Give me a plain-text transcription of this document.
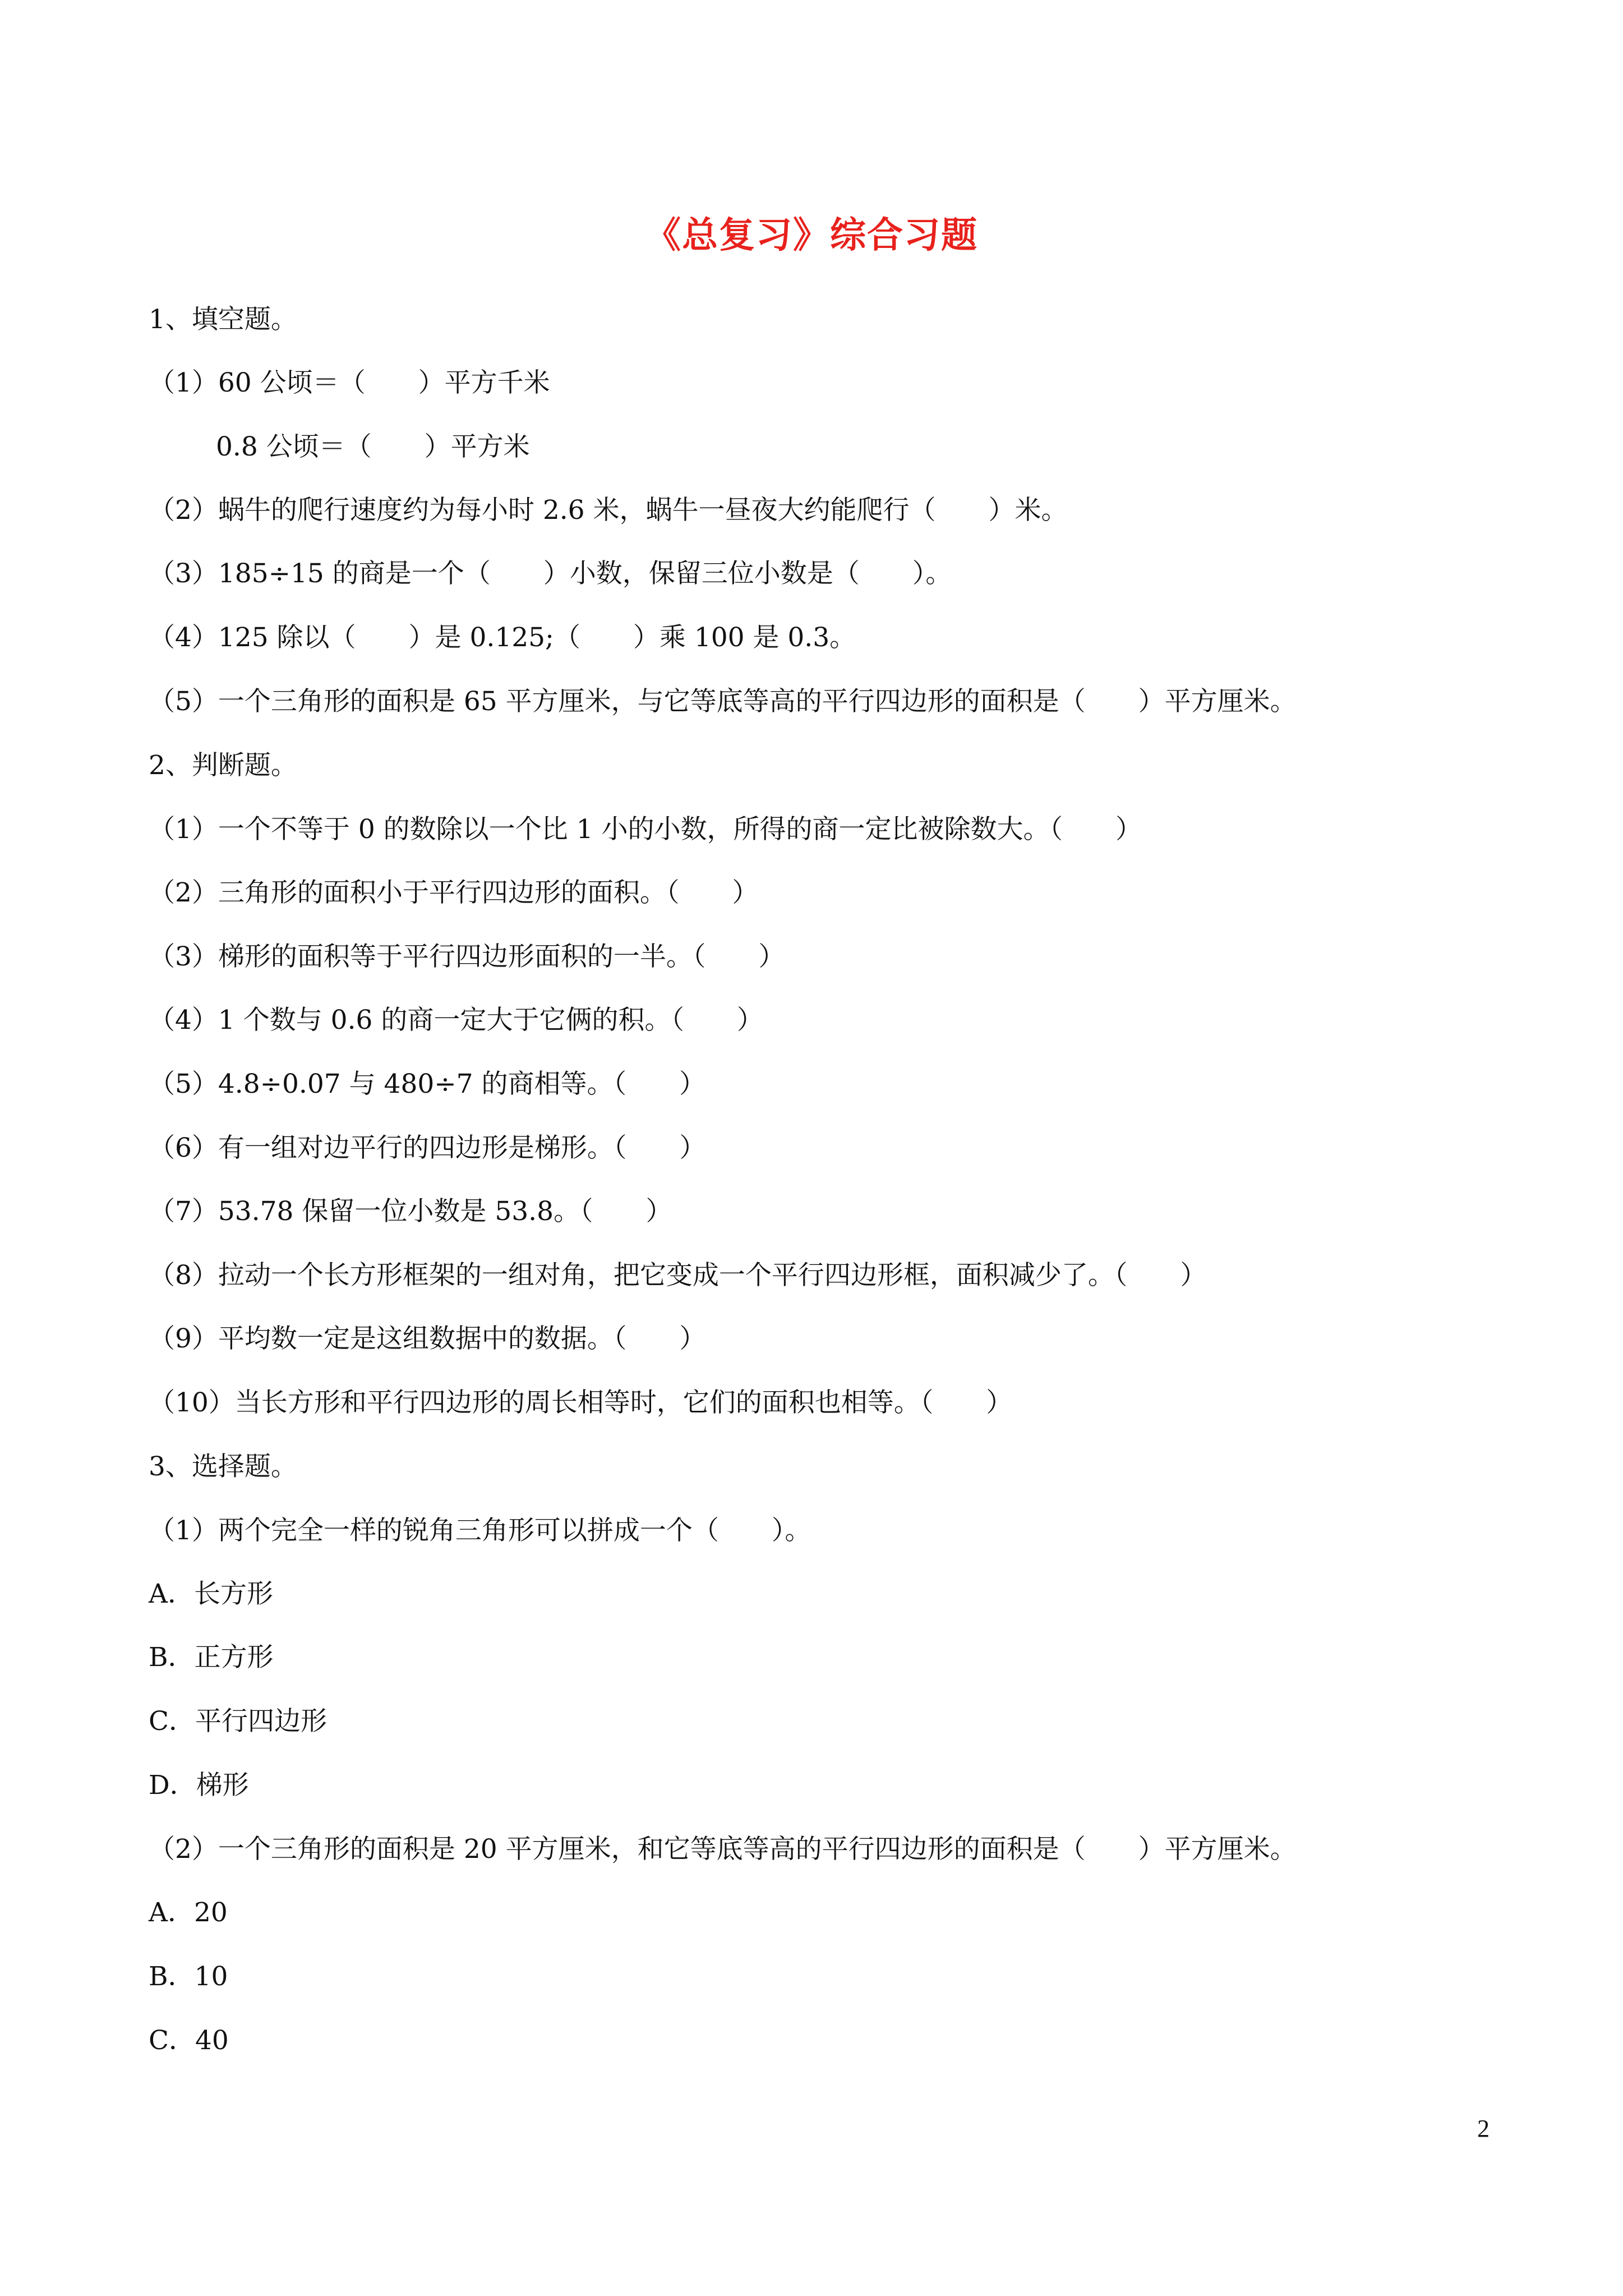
《总复习》综合习题
1、填空题。
（1）60 公顷＝（　　）平方千米
0.8 公顷＝（　　）平方米
（2）蜗牛的爬行速度约为每小时 2.6 米，蜗牛一昼夜大约能爬行（　　）米。
（3）185÷15 的商是一个（　　）小数，保留三位小数是（　　）。
（4）125 除以（　　）是 0.125;（　　）乘 100 是 0.3。
（5）一个三角形的面积是 65 平方厘米，与它等底等高的平行四边形的面积是（　　）平方厘米。
2、判断题。
（1）一个不等于 0 的数除以一个比 1 小的小数，所得的商一定比被除数大。（　　）
（2）三角形的面积小于平行四边形的面积。（　　）
（3）梯形的面积等于平行四边形面积的一半。（　　）
（4）1 个数与 0.6 的商一定大于它俩的积。（　　）
（5）4.8÷0.07 与 480÷7 的商相等。（　　）
（6）有一组对边平行的四边形是梯形。（　　）
（7）53.78 保留一位小数是 53.8。（　　）
（8）拉动一个长方形框架的一组对角，把它变成一个平行四边形框，面积减少了。（　　）
（9）平均数一定是这组数据中的数据。（　　）
（10）当长方形和平行四边形的周长相等时，它们的面积也相等。（　　）
3、选择题。
（1）两个完全一样的锐角三角形可以拼成一个（　　）。
A．长方形
B．正方形
C．平行四边形
D．梯形
（2）一个三角形的面积是 20 平方厘米，和它等底等高的平行四边形的面积是（　　）平方厘米。
A．20
B．10
C．40
2
